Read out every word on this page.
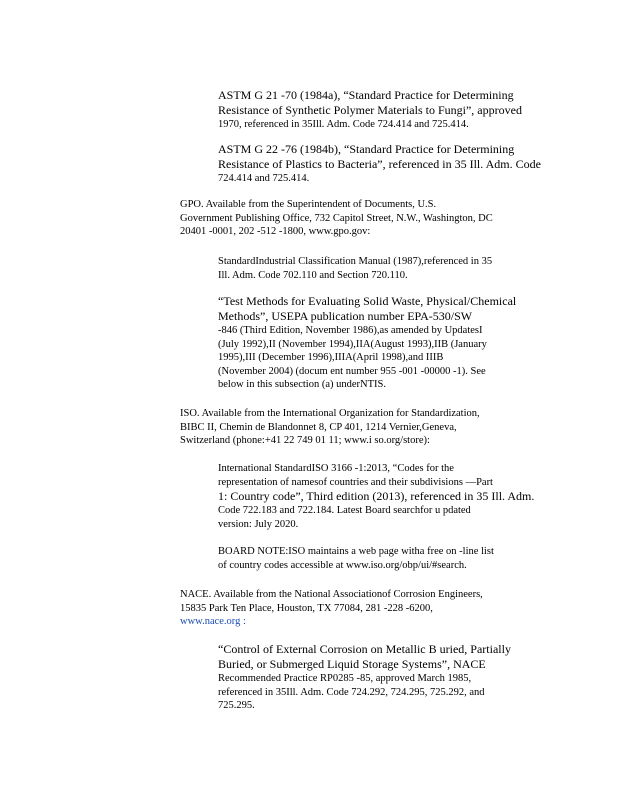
ASTM G 21 -70 (1984a), “Standard Practice for Determining
Resistance of Synthetic Polymer Materials to Fungi”, approved
1970, referenced in 35Ill. Adm. Code 724.414 and 725.414.
ASTM G 22 -76 (1984b), “Standard Practice for Determining
Resistance of Plastics to Bacteria”, referenced in 35 Ill. Adm. Code
724.414 and 725.414.
GPO. Available from the Superintendent of Documents, U.S.
Government Publishing Office, 732 Capitol Street, N.W., Washington, DC
20401 -0001, 202 -512 -1800, www.gpo.gov:
StandardIndustrial Classification Manual (1987),referenced in 35
Ill. Adm. Code 702.110 and Section 720.110.
“Test Methods for Evaluating Solid Waste, Physical/Chemical
Methods”, USEPA publication number EPA-530/SW
-846 (Third Edition, November 1986),as amended by UpdatesI
(July 1992),II (November 1994),IIA(August 1993),IIB (January
1995),III (December 1996),IIIA(April 1998),and IIIB
(November 2004) (docum ent number 955 -001 -00000 -1). See
below in this subsection (a) underNTIS.
ISO. Available from the International Organization for Standardization,
BIBC II, Chemin de Blandonnet 8, CP 401, 1214 Vernier,Geneva,
Switzerland (phone:+41 22 749 01 11; www.i so.org/store):
International StandardISO 3166 -1:2013, “Codes for the
representation of namesof countries and their subdivisions —Part
1: Country code”, Third edition (2013), referenced in 35 Ill. Adm.
Code 722.183 and 722.184. Latest Board searchfor u pdated
version: July 2020.
BOARD NOTE:ISO maintains a web page witha free on -line list
of country codes accessible at www.iso.org/obp/ui/#search.
NACE. Available from the National Associationof Corrosion Engineers,
15835 Park Ten Place, Houston, TX 77084, 281 -228 -6200,
www.nace.org :
“Control of External Corrosion on Metallic B uried, Partially
Buried, or Submerged Liquid Storage Systems”, NACE
Recommended Practice RP0285 -85, approved March 1985,
referenced in 35Ill. Adm. Code 724.292, 724.295, 725.292, and
725.295.
